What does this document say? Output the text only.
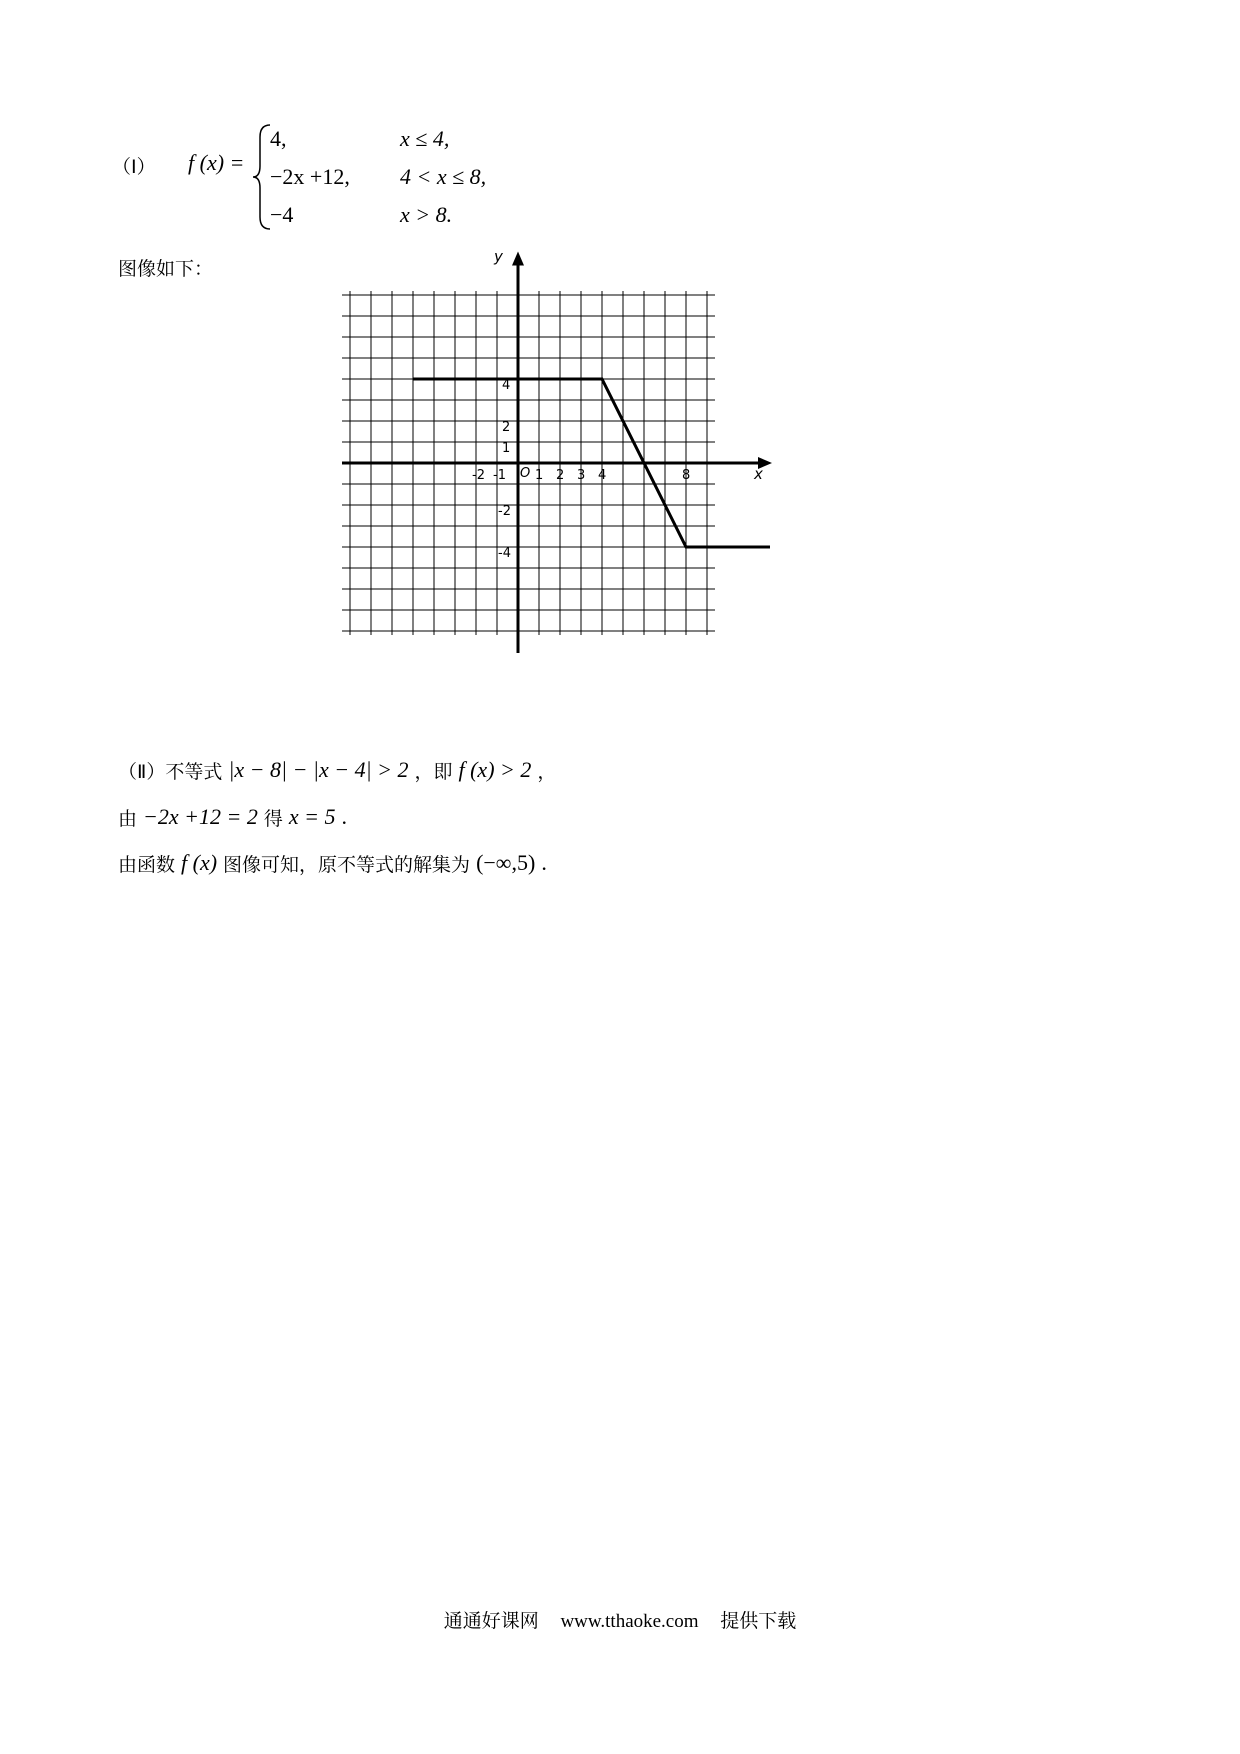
（Ⅰ） f (x) =
4,	x ≤ 4,
−2x +12, 4 < x ≤ 8,
−4	x > 8.
图像如下：
x
y
O
-2 -1 1 2 3 4	8
4
2
1
-2
-4
（Ⅱ）不等式 |x − 8| − |x − 4| > 2 ，即 f (x) > 2 ，
由 −2x +12 = 2 得 x = 5 .
由函数 f (x) 图像可知，原不等式的解集为 (−∞,5) .
通通好课网 www.tthaoke.com 提供下载
